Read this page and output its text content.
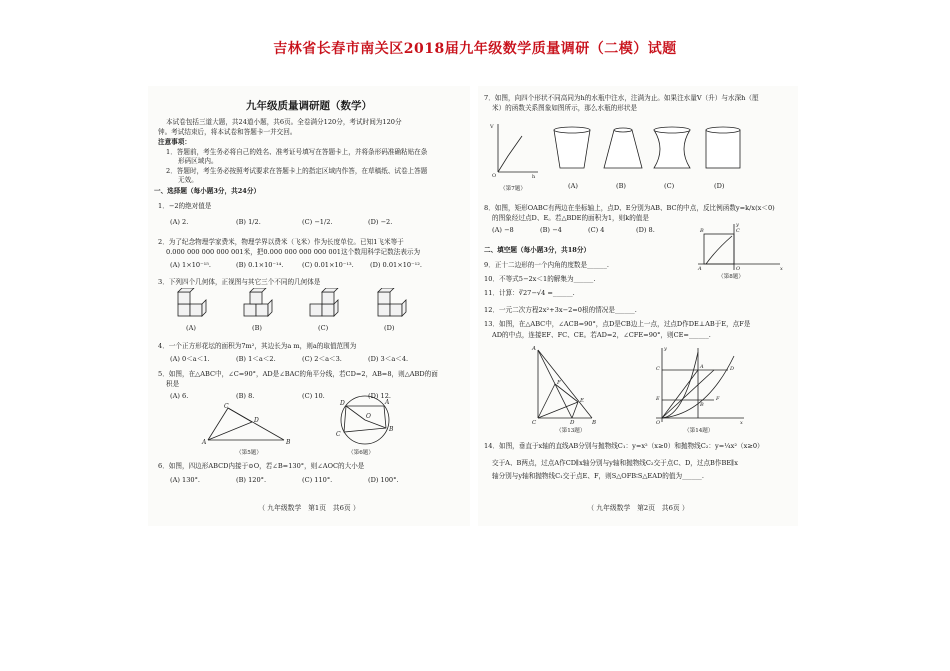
吉林省长春市南关区2018届九年级数学质量调研（二模）试题
九年级质量调研题（数学）
本试卷包括三道大题，共24道小题，共6页。全卷满分120分，考试时间为120分
钟。考试结束后，将本试卷和答题卡一并交回。
注意事项：
1．答题前，考生务必将自己的姓名、准考证号填写在答题卡上，并将条形码准确粘贴在条
形码区域内。
2．答题时，考生务必按照考试要求在答题卡上的指定区域内作答，在草稿纸、试卷上答题
无效。
一、选择题（每小题3分，共24分）
1．−2的绝对值是
(A) 2.	(B) 1/2.	(C) −1/2.	(D) −2.
2．为了纪念物理学家费米，物理学界以费米（飞米）作为长度单位。已知1飞米等于
0.000 000 000 000 001米，把0.000 000 000 000 001这个数用科学记数法表示为
(A) 1×10⁻¹⁵.	(B) 0.1×10⁻¹⁴.	(C) 0.01×10⁻¹³. (D) 0.01×10⁻¹².
3．下列四个几何体，正视图与其它三个不同的几何体是
(A)	(B)	(C)	(D)
4．一个正方形花坛的面积为7m²，其边长为a m，则a的取值范围为
(A) 0＜a＜1.	(B) 1＜a＜2.	(C) 2＜a＜3.	(D) 3＜a＜4.
5．如图，在△ABC中，∠C=90°，AD是∠BAC的角平分线，若CD=2，AB=8，则△ABD的面
积是
(A) 6.	(B) 8.	(C) 10.	(D) 12.
A	B
C
D
（第5题）
D	A
B
C
O
（第6题）
6．如图，四边形ABCD内接于⊙O，若∠B=130°，则∠AOC的大小是
(A) 130°.	(B) 120°.	(C) 110°.	(D) 100°.
（ 九年级数学　第1页　共6页 ）
7．如图，向四个形状不同高同为h的水瓶中注水，注满为止。如果注水量V（升）与水深h（厘
米）的函数关系图象如图所示，那么水瓶的形状是
V
h
O
（第7题）	(A)	(B)	(C)	(D)
8．如图，矩形OABC有两边在坐标轴上，点D、E分别为AB、BC的中点，反比例函数y=k/x(x＜0)
的图象经过点D、E。若△BDE的面积为1，则k的值是
(A) −8	(B) −4	(C) 4	(D) 8.	B	C
A	O	x
y
（第8题）
二、填空题（每小题3分，共18分）
9．正十二边形的一个内角的度数是______.
10．不等式5−2x＜1的解集为______.
11．计算：∛27−√4 =______.
12．一元二次方程2x²+3x−2=0根的情况是______.
13．如图，在△ABC中，∠ACB=90°，点D是CB边上一点，过点D作DE⊥AB于E，点F是
AD的中点，连接EF、FC、CE。若AD=2，∠CFE=90°，则CE=______.
A
C	D	B
E
F
（第13题）
y
x
O
C
E
A
B
D
F
（第14题）
14．如图，垂直于x轴的直线AB分别与抛物线C₁：y=x²（x≥0）和抛物线C₂：y=¼x²（x≥0）
交于A、B两点，过点A作CD∥x轴分别与y轴和抛物线C₂交于点C、D，过点B作BE∥x
轴分别与y轴和抛物线C₁交于点E、F，则S△OFB∶S△EAD的值为______.
（ 九年级数学　第2页　共6页 ）
